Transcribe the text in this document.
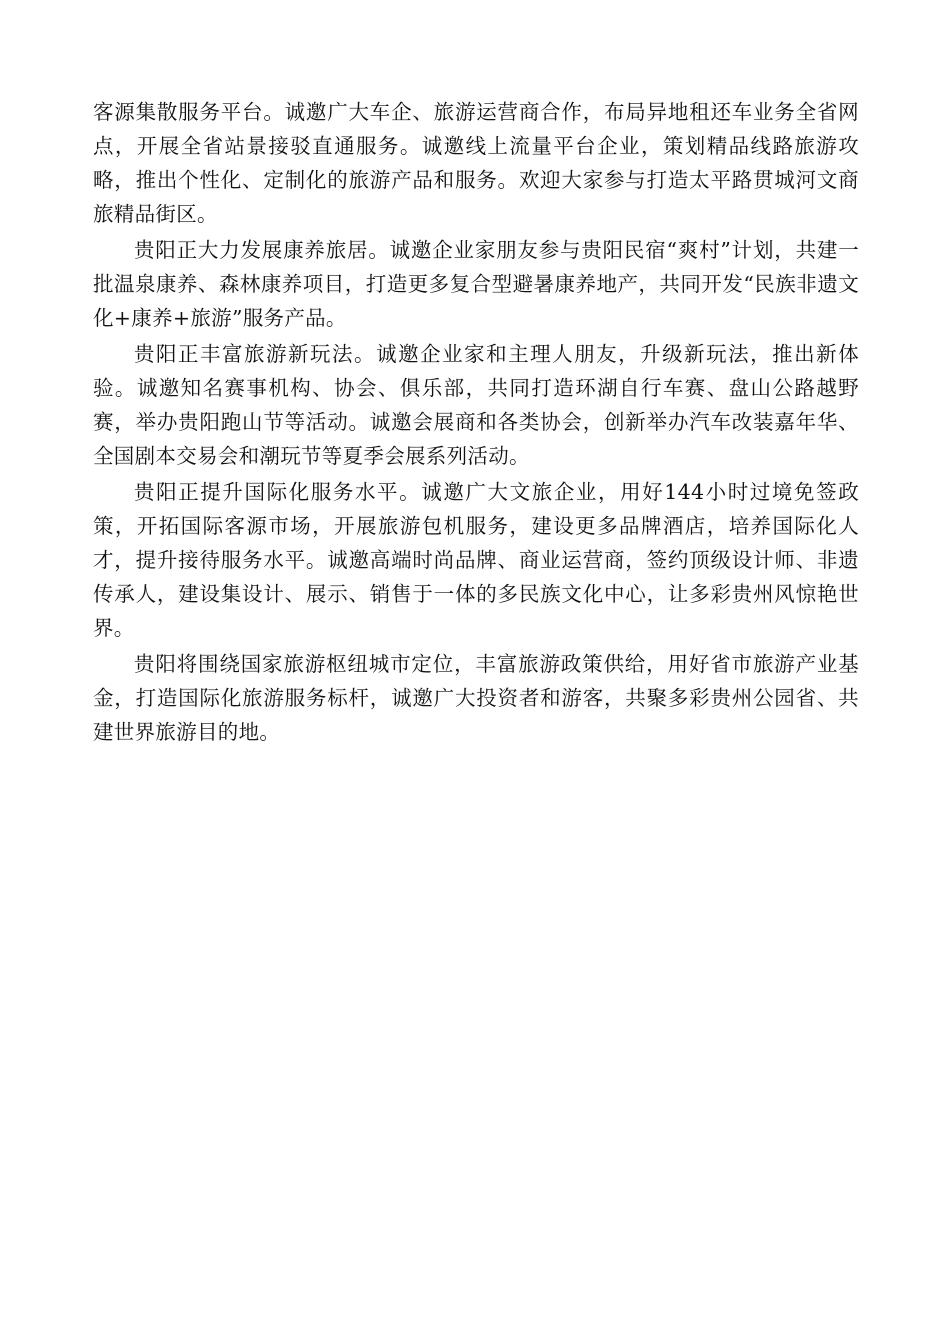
客源集散服务平台。诚邀广大车企、旅游运营商合作，布局异地租还车业务全省网点，开展全省站景接驳直通服务。诚邀线上流量平台企业，策划精品线路旅游攻略，推出个性化、定制化的旅游产品和服务。欢迎大家参与打造太平路贯城河文商旅精品街区。

贵阳正大力发展康养旅居。诚邀企业家朋友参与贵阳民宿“爽村”计划，共建一批温泉康养、森林康养项目，打造更多复合型避暑康养地产，共同开发“民族非遗文化+康养+旅游”服务产品。

贵阳正丰富旅游新玩法。诚邀企业家和主理人朋友，升级新玩法，推出新体验。诚邀知名赛事机构、协会、俱乐部，共同打造环湖自行车赛、盘山公路越野赛，举办贵阳跑山节等活动。诚邀会展商和各类协会，创新举办汽车改装嘉年华、全国剧本交易会和潮玩节等夏季会展系列活动。

贵阳正提升国际化服务水平。诚邀广大文旅企业，用好144小时过境免签政策，开拓国际客源市场，开展旅游包机服务，建设更多品牌酒店，培养国际化人才，提升接待服务水平。诚邀高端时尚品牌、商业运营商，签约顶级设计师、非遗传承人，建设集设计、展示、销售于一体的多民族文化中心，让多彩贵州风惊艳世界。

贵阳将围绕国家旅游枢纽城市定位，丰富旅游政策供给，用好省市旅游产业基金，打造国际化旅游服务标杆，诚邀广大投资者和游客，共聚多彩贵州公园省、共建世界旅游目的地。
